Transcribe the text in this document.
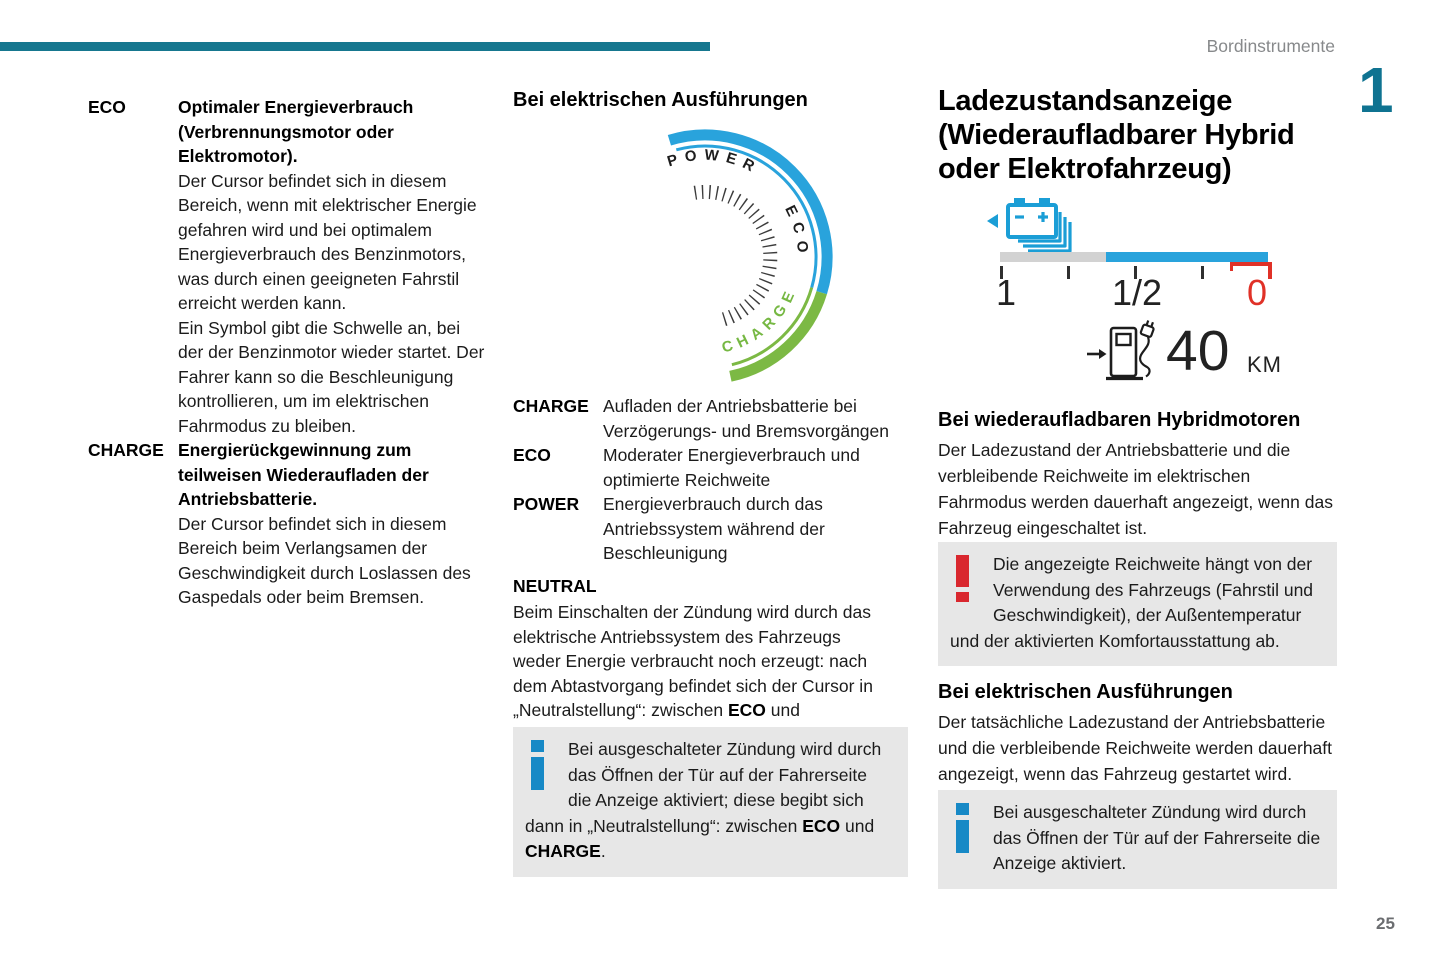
Bordinstrumente
1
25
ECO	Optimaler Energieverbrauch (Verbrennungsmotor oder Elektromotor).

Der Cursor befindet sich in diesem Bereich, wenn mit elektrischer Energie gefahren wird und bei optimalem Energieverbrauch des Benzinmotors, was durch einen geeigneten Fahrstil erreicht werden kann.

Ein Symbol gibt die Schwelle an, bei der der Benzinmotor wieder startet. Der Fahrer kann so die Beschleunigung kontrollieren, um im elektrischen Fahrmodus zu bleiben.

CHARGE Energierückgewinnung zum teilweisen Wiederaufladen der Antriebsbatterie.

Der Cursor befindet sich in diesem Bereich beim Verlangsamen der Geschwindigkeit durch Loslassen des Gaspedals oder beim Bremsen.

Bei elektrischen Ausführungen
POWER
ECO
CHARGE
CHARGE Aufladen der Antriebsbatterie bei Verzögerungs- und Bremsvorgängen
ECO	Moderater Energieverbrauch und optimierte Reichweite
POWER	Energieverbrauch durch das Antriebssystem während der Beschleunigung
NEUTRAL
Beim Einschalten der Zündung wird durch das elektrische Antriebssystem des Fahrzeugs weder Energie verbraucht noch erzeugt: nach dem Abtastvorgang befindet sich der Cursor in „Neutralstellung“: zwischen ECO und
Bei ausgeschalteter Zündung wird durch das Öffnen der Tür auf der Fahrerseite die Anzeige aktiviert; diese begibt sich dann in „Neutralstellung“: zwischen ECO und CHARGE.
Ladezustandsanzeige (Wiederaufladbarer Hybrid oder Elektrofahrzeug)
1	1/2 0
40 KM
Bei wiederaufladbaren Hybridmotoren
Der Ladezustand der Antriebsbatterie und die verbleibende Reichweite im elektrischen Fahrmodus werden dauerhaft angezeigt, wenn das Fahrzeug eingeschaltet ist.
Die angezeigte Reichweite hängt von der Verwendung des Fahrzeugs (Fahrstil und Geschwindigkeit), der Außentemperatur und der aktivierten Komfortausstattung ab.
Bei elektrischen Ausführungen
Der tatsächliche Ladezustand der Antriebsbatterie und die verbleibende Reichweite werden dauerhaft angezeigt, wenn das Fahrzeug gestartet wird.
Bei ausgeschalteter Zündung wird durch das Öffnen der Tür auf der Fahrerseite die Anzeige aktiviert.
